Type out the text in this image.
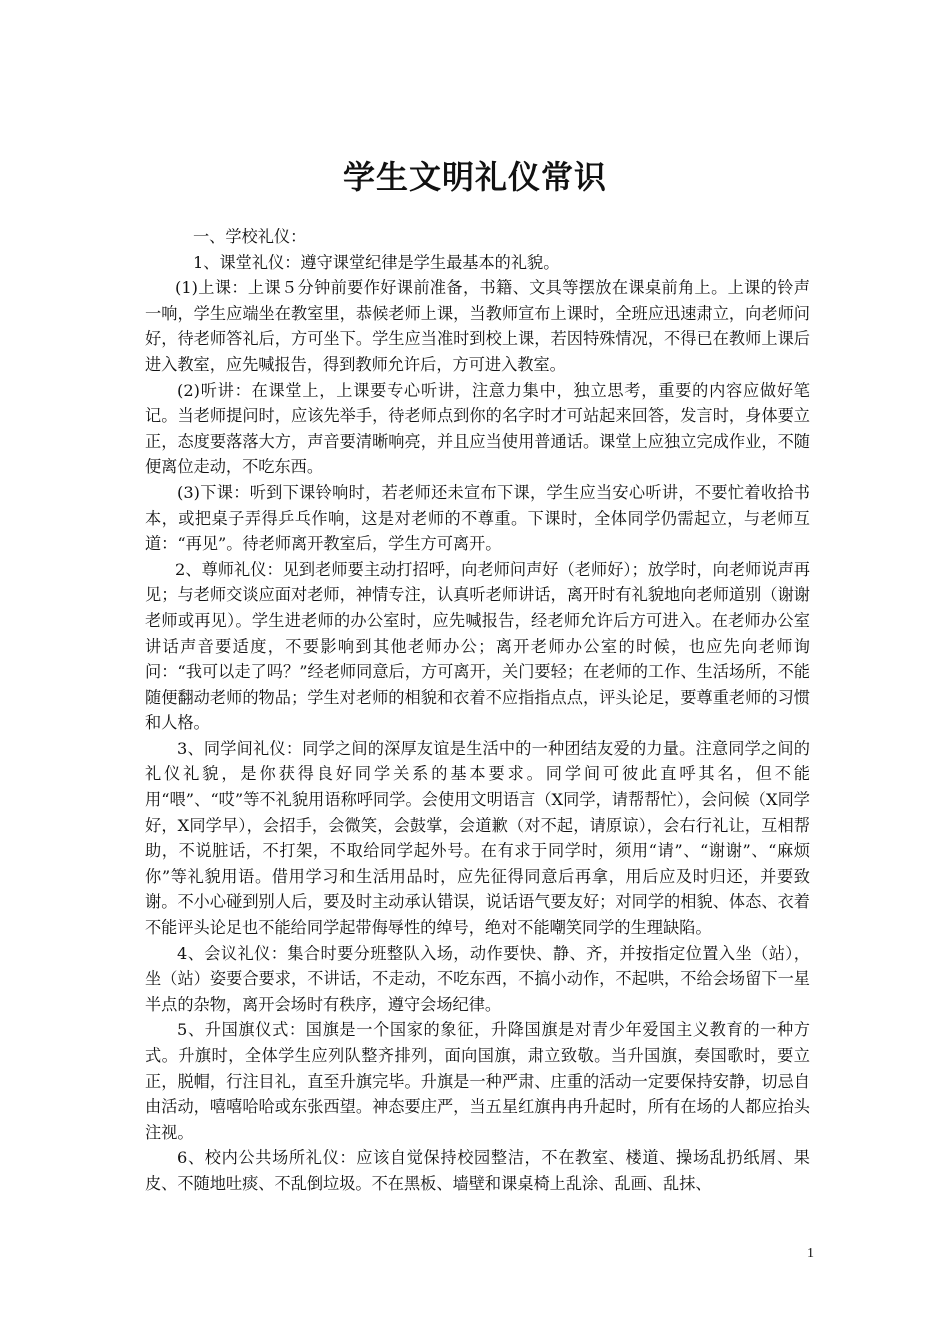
学生文明礼仪常识

一、学校礼仪：

1、课堂礼仪：遵守课堂纪律是学生最基本的礼貌。

(1)上课：上课５分钟前要作好课前准备，书籍、文具等摆放在课桌前角上。上课的铃声一响，学生应端坐在教室里，恭候老师上课，当教师宣布上课时，全班应迅速肃立，向老师问好，待老师答礼后，方可坐下。学生应当准时到校上课，若因特殊情况，不得已在教师上课后进入教室，应先喊报告，得到教师允许后，方可进入教室。

(2)听讲：在课堂上，上课要专心听讲，注意力集中，独立思考，重要的内容应做好笔记。当老师提问时，应该先举手，待老师点到你的名字时才可站起来回答，发言时，身体要立正，态度要落落大方，声音要清晰响亮，并且应当使用普通话。课堂上应独立完成作业，不随便离位走动，不吃东西。

(3)下课：听到下课铃响时，若老师还未宣布下课，学生应当安心听讲，不要忙着收拾书本，或把桌子弄得乒乓作响，这是对老师的不尊重。下课时，全体同学仍需起立，与老师互道：“再见”。待老师离开教室后，学生方可离开。

2、尊师礼仪：见到老师要主动打招呼，向老师问声好（老师好）；放学时，向老师说声再见；与老师交谈应面对老师，神情专注，认真听老师讲话，离开时有礼貌地向老师道别（谢谢老师或再见）。学生进老师的办公室时，应先喊报告，经老师允许后方可进入。在老师办公室讲话声音要适度，不要影响到其他老师办公；离开老师办公室的时候，也应先向老师询问：“我可以走了吗？”经老师同意后，方可离开，关门要轻；在老师的工作、生活场所，不能随便翻动老师的物品；学生对老师的相貌和衣着不应指指点点，评头论足，要尊重老师的习惯和人格。

3、同学间礼仪：同学之间的深厚友谊是生活中的一种团结友爱的力量。注意同学之间的礼仪礼貌，是你获得良好同学关系的基本要求。同学间可彼此直呼其名，但不能用“喂”、“哎”等不礼貌用语称呼同学。会使用文明语言（X同学，请帮帮忙），会问候（X同学好，X同学早），会招手，会微笑，会鼓掌，会道歉（对不起，请原谅），会右行礼让，互相帮助，不说脏话，不打架，不取给同学起外号。在有求于同学时，须用“请”、“谢谢”、“麻烦你”等礼貌用语。借用学习和生活用品时，应先征得同意后再拿，用后应及时归还，并要致谢。不小心碰到别人后，要及时主动承认错误，说话语气要友好；对同学的相貌、体态、衣着不能评头论足也不能给同学起带侮辱性的绰号，绝对不能嘲笑同学的生理缺陷。

4、会议礼仪：集合时要分班整队入场，动作要快、静、齐，并按指定位置入坐（站），坐（站）姿要合要求，不讲话，不走动，不吃东西，不搞小动作，不起哄，不给会场留下一星半点的杂物，离开会场时有秩序，遵守会场纪律。

5、升国旗仪式：国旗是一个国家的象征，升降国旗是对青少年爱国主义教育的一种方式。升旗时，全体学生应列队整齐排列，面向国旗，肃立致敬。当升国旗，奏国歌时，要立正，脱帽，行注目礼，直至升旗完毕。升旗是一种严肃、庄重的活动一定要保持安静，切忌自由活动，嘻嘻哈哈或东张西望。神态要庄严，当五星红旗冉冉升起时，所有在场的人都应抬头注视。

6、校内公共场所礼仪：应该自觉保持校园整洁，不在教室、楼道、操场乱扔纸屑、果皮、不随地吐痰、不乱倒垃圾。不在黑板、墙壁和课桌椅上乱涂、乱画、乱抹、

1
